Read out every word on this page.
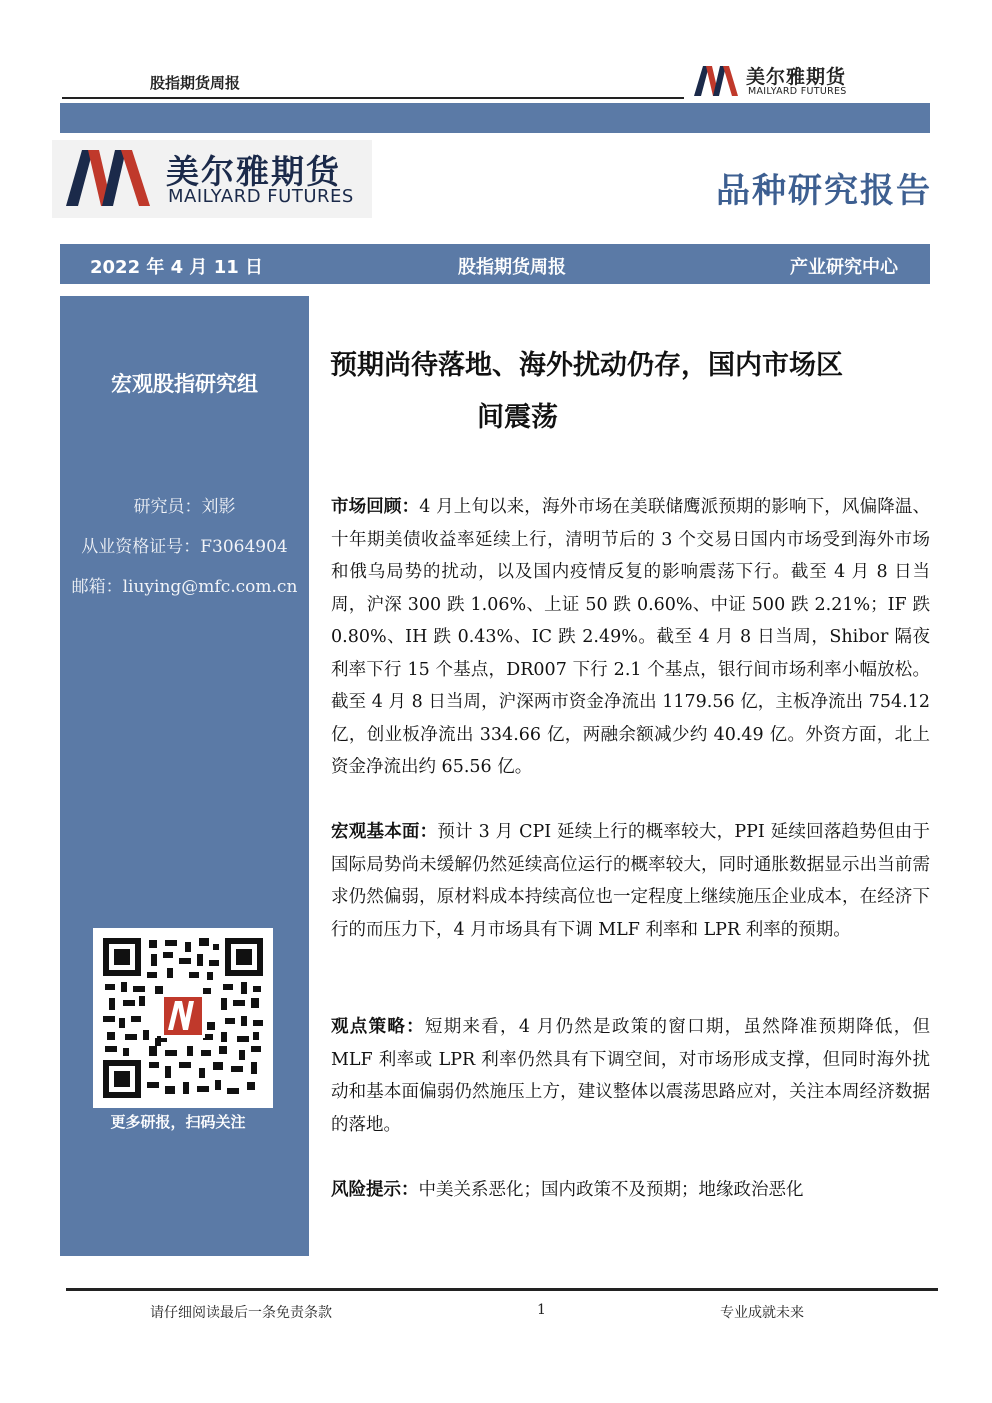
股指期货周报	美尔雅期货
MAILYARD FUTURES
美尔雅期货
MAILYARD FUTURES	品种研究报告
2022 年 4 月 11 日	股指期货周报	产业研究中心
宏观股指研究组
研究员：刘影
从业资格证号：F3064904
邮箱：liuying@mfc.com.cn
更多研报，扫码关注
预期尚待落地、海外扰动仍存，国内市场区
间震荡
市场回顾：4 月上旬以来，海外市场在美联储鹰派预期的影响下，风偏降温、十年期美债收益率延续上行，清明节后的 3 个交易日国内市场受到海外市场和俄乌局势的扰动，以及国内疫情反复的影响震荡下行。截至 4 月 8 日当周，沪深 300 跌 1.06%、上证 50 跌 0.60%、中证 500 跌 2.21%；IF 跌 0.80%、IH 跌 0.43%、IC 跌 2.49%。截至 4 月 8 日当周，Shibor 隔夜利率下行 15 个基点，DR007 下行 2.1 个基点，银行间市场利率小幅放松。截至 4 月 8 日当周，沪深两市资金净流出 1179.56 亿，主板净流出 754.12 亿，创业板净流出 334.66 亿，两融余额减少约 40.49 亿。外资方面，北上资金净流出约 65.56 亿。
宏观基本面：预计 3 月 CPI 延续上行的概率较大，PPI 延续回落趋势但由于国际局势尚未缓解仍然延续高位运行的概率较大，同时通胀数据显示出当前需求仍然偏弱，原材料成本持续高位也一定程度上继续施压企业成本，在经济下行的而压力下，4 月市场具有下调 MLF 利率和 LPR 利率的预期。
观点策略：短期来看，4 月仍然是政策的窗口期，虽然降准预期降低，但 MLF 利率或 LPR 利率仍然具有下调空间，对市场形成支撑，但同时海外扰动和基本面偏弱仍然施压上方，建议整体以震荡思路应对，关注本周经济数据的落地。
风险提示：中美关系恶化；国内政策不及预期；地缘政治恶化
请仔细阅读最后一条免责条款	1	专业成就未来
